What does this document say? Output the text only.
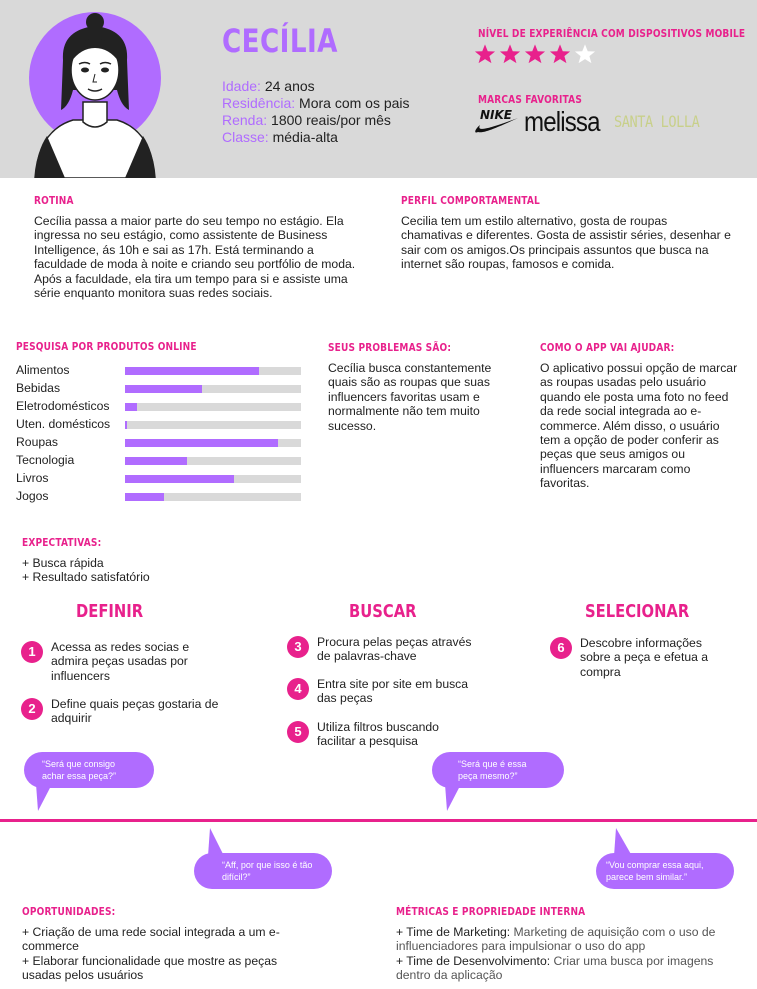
CECÍLIA
Idade: 24 anos
Residência: Mora com os pais
Renda: 1800 reais/por mês
Classe: média-alta
NÍVEL DE EXPERIÊNCIA COM DISPOSITIVOS MOBILE
MARCAS FAVORITAS
NIKE melissa SANTA LOLLA
ROTINA
Cecília passa a maior parte do seu tempo no estágio. Ela ingressa no seu estágio, como assistente de Business Intelligence, ás 10h e sai as 17h. Está terminando a faculdade de moda à noite e criando seu portfólio de moda. Após a faculdade, ela tira um tempo para si e assiste uma série enquanto monitora suas redes sociais.
PERFIL COMPORTAMENTAL
Cecilia tem um estilo alternativo, gosta de roupas chamativas e diferentes. Gosta de assistir séries, desenhar e sair com os amigos.Os principais assuntos que busca na internet são roupas, famosos e comida.
PESQUISA POR PRODUTOS ONLINE
Alimentos
Bebidas
Eletrodomésticos
Uten. domésticos
Roupas
Tecnologia
Livros
Jogos
SEUS PROBLEMAS SÃO:
Cecília busca constantemente quais são as roupas que suas influencers favoritas usam e normalmente não tem muito sucesso.
COMO O APP VAI AJUDAR:
O aplicativo possui opção de marcar as roupas usadas pelo usuário quando ele posta uma foto no feed da rede social integrada ao e-commerce. Além disso, o usuário tem a opção de poder conferir as peças que seus amigos ou influencers marcaram como favoritas.
EXPECTATIVAS:
+ Busca rápida
+ Resultado satisfatório
DEFINIR	BUSCAR	SELECIONAR
1	Acessa as redes socias e admira peças usadas por influencers
2	Define quais peças gostaria de adquirir
3	Procura pelas peças através de palavras-chave
4	Entra site por site em busca das peças
5	Utiliza filtros buscando facilitar a pesquisa
6	Descobre informações sobre a peça e efetua a compra
“Será que consigo achar essa peça?”
“Será que é essa peça mesmo?”
“Aff, por que isso é tão difícil?”
“Vou comprar essa aqui, parece bem similar.”
OPORTUNIDADES:
+ Criação de uma rede social integrada a um e-commerce
+ Elaborar funcionalidade que mostre as peças usadas pelos usuários
MÉTRICAS E PROPRIEDADE INTERNA
+ Time de Marketing: Marketing de aquisição com o uso de influenciadores para impulsionar o uso do app
+ Time de Desenvolvimento: Criar uma busca por imagens dentro da aplicação
